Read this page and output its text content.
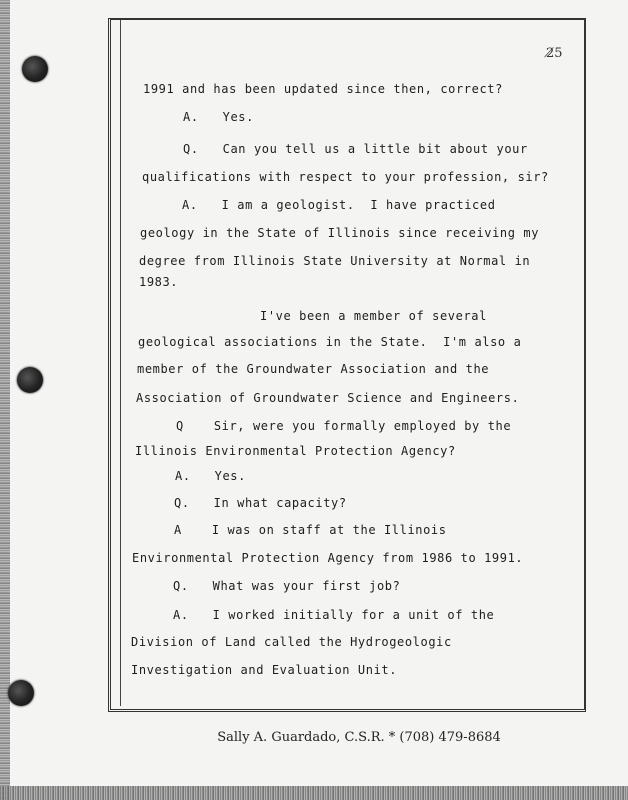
2̸5
1991 and has been updated since then, correct?
A. Yes.
Q. Can you tell us a little bit about your
qualifications with respect to your profession, sir?
A. I am a geologist.  I have practiced
geology in the State of Illinois since receiving my
degree from Illinois State University at Normal in
1983.
I've been a member of several
geological associations in the State.  I'm also a
member of the Groundwater Association and the
Association of Groundwater Science and Engineers.
Q	Sir, were you formally employed by the
Illinois Environmental Protection Agency?
A. Yes.
Q. In what capacity?
A	I was on staff at the Illinois
Environmental Protection Agency from 1986 to 1991.
Q. What was your first job?
A. I worked initially for a unit of the
Division of Land called the Hydrogeologic
Investigation and Evaluation Unit.
Sally A. Guardado, C.S.R. * (708) 479-8684
